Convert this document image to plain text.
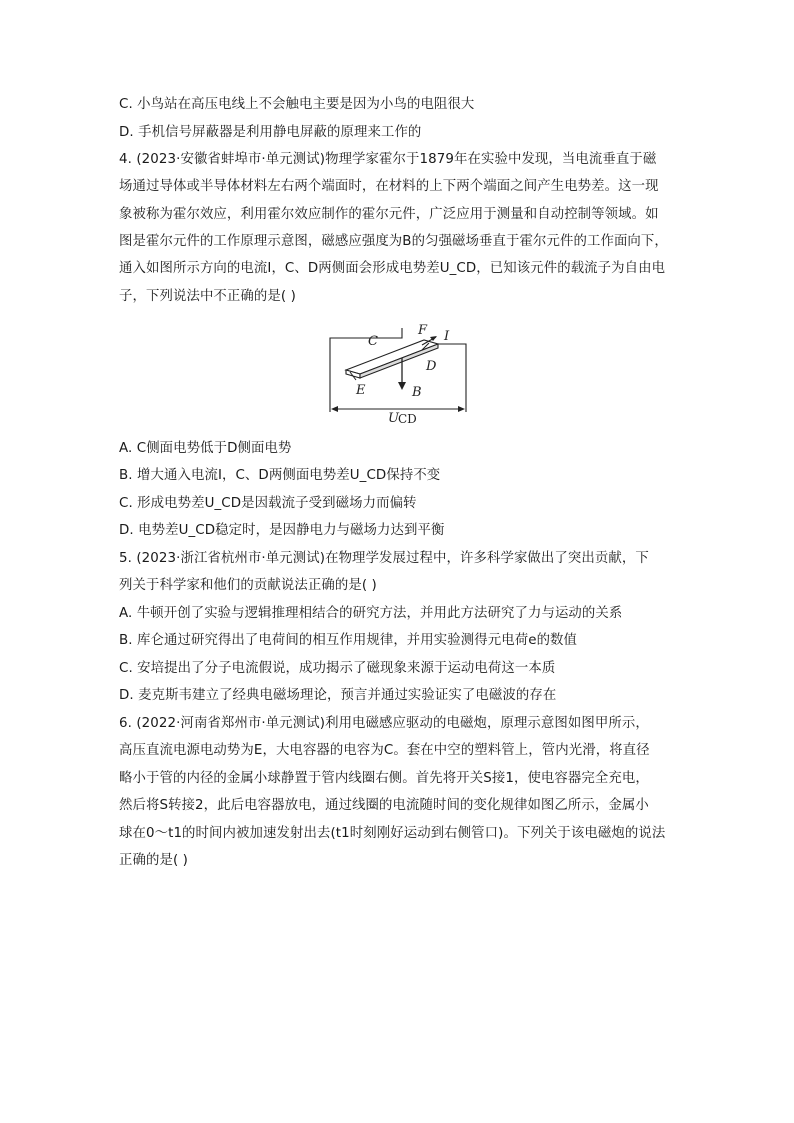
C. 小鸟站在高压电线上不会触电主要是因为小鸟的电阻很大
D. 手机信号屏蔽器是利用静电屏蔽的原理来工作的
4. (2023·安徽省蚌埠市·单元测试)物理学家霍尔于1879年在实验中发现，当电流垂直于磁
场通过导体或半导体材料左右两个端面时，在材料的上下两个端面之间产生电势差。这一现
象被称为霍尔效应，利用霍尔效应制作的霍尔元件，广泛应用于测量和自动控制等领域。如
图是霍尔元件的工作原理示意图，磁感应强度为B的匀强磁场垂直于霍尔元件的工作面向下，
通入如图所示方向的电流I，C、D两侧面会形成电势差U_CD，已知该元件的载流子为自由电
子，下列说法中不正确的是( )
C
F I
D
E	B
U CD
A. C侧面电势低于D侧面电势
B. 增大通入电流I，C、D两侧面电势差U_CD保持不变
C. 形成电势差U_CD是因载流子受到磁场力而偏转
D. 电势差U_CD稳定时，是因静电力与磁场力达到平衡
5. (2023·浙江省杭州市·单元测试)在物理学发展过程中，许多科学家做出了突出贡献，下
列关于科学家和他们的贡献说法正确的是( )
A. 牛顿开创了实验与逻辑推理相结合的研究方法，并用此方法研究了力与运动的关系
B. 库仑通过研究得出了电荷间的相互作用规律，并用实验测得元电荷e的数值
C. 安培提出了分子电流假说，成功揭示了磁现象来源于运动电荷这一本质
D. 麦克斯韦建立了经典电磁场理论，预言并通过实验证实了电磁波的存在
6. (2022·河南省郑州市·单元测试)利用电磁感应驱动的电磁炮，原理示意图如图甲所示，
高压直流电源电动势为E，大电容器的电容为C。套在中空的塑料管上，管内光滑，将直径
略小于管的内径的金属小球静置于管内线圈右侧。首先将开关S接1，使电容器完全充电，
然后将S转接2，此后电容器放电，通过线圈的电流随时间的变化规律如图乙所示，金属小
球在0～t1的时间内被加速发射出去(t1时刻刚好运动到右侧管口)。下列关于该电磁炮的说法
正确的是( )
